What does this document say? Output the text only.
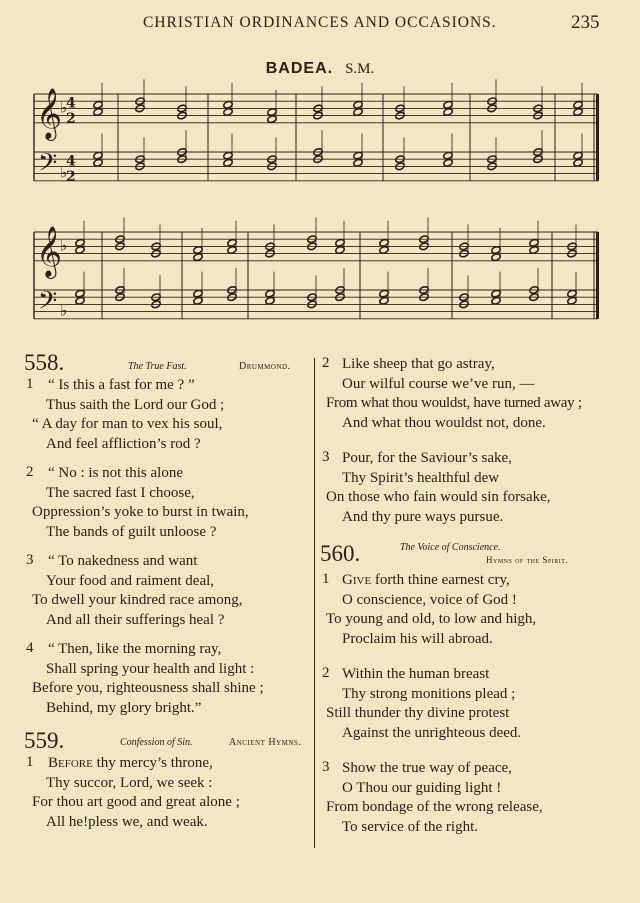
CHRISTIAN ORDINANCES AND OCCASIONS.	235
BADEA. S.M.
𝄞
𝄞
𝄢
𝄢
♭
4
2
♭
4
2
♭
♭
558.	The True Fast.	Drummond.
1 “ Is this a fast for me ? ”
Thus saith the Lord our God ;
“ A day for man to vex his soul,
And feel affliction’s rod ?
2 “ No : is not this alone
The sacred fast I choose,
Oppression’s yoke to burst in twain,
The bands of guilt unloose ?
3 “ To nakedness and want
Your food and raiment deal,
To dwell your kindred race among,
And all their sufferings heal ?
4 “ Then, like the morning ray,
Shall spring your health and light :
Before you, righteousness shall shine ;
Behind, my glory bright.”
559.	Confession of Sin.	Ancient Hymns.
1 Before thy mercy’s throne,
Thy succor, Lord, we seek :
For thou art good and great alone ;
All he!pless we, and weak.
2 Like sheep that go astray,
Our wilful course we’ve run, —
From what thou wouldst, have turned away ;
And what thou wouldst not, done.
3 Pour, for the Saviour’s sake,
Thy Spirit’s healthful dew
On those who fain would sin forsake,
And thy pure ways pursue.
560.	The Voice of Conscience.
Hymns of the Spirit.
1 Give forth thine earnest cry,
O conscience, voice of God !
To young and old, to low and high,
Proclaim his will abroad.
2 Within the human breast
Thy strong monitions plead ;
Still thunder thy divine protest
Against the unrighteous deed.
3 Show the true way of peace,
O Thou our guiding light !
From bondage of the wrong release,
To service of the right.
